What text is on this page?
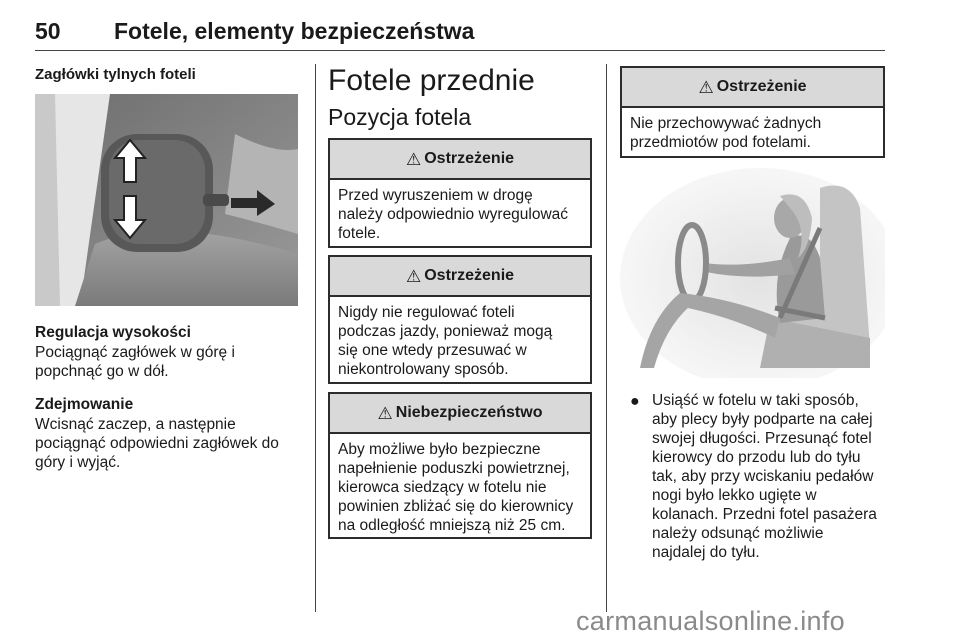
50 Fotele, elementy bezpieczeństwa
Zagłówki tylnych foteli
Regulacja wysokości
Pociągnąć zagłówek w górę i
popchnąć go w dół.
Zdejmowanie
Wcisnąć zaczep, a następnie
pociągnąć odpowiedni zagłówek do
góry i wyjąć.
Fotele przednie
Pozycja fotela
⚠ Ostrzeżenie
Przed wyruszeniem w drogę
należy odpowiednio wyregulować
fotele.
⚠ Ostrzeżenie
Nigdy nie regulować foteli
podczas jazdy, ponieważ mogą
się one wtedy przesuwać w
niekontrolowany sposób.
⚠ Niebezpieczeństwo
Aby możliwe było bezpieczne
napełnienie poduszki powietrznej,
kierowca siedzący w fotelu nie
powinien zbliżać się do kierownicy
na odległość mniejszą niż 25 cm.
⚠ Ostrzeżenie
Nie przechowywać żadnych
przedmiotów pod fotelami.
● Usiąść w fotelu w taki sposób,
aby plecy były podparte na całej
swojej długości. Przesunąć fotel
kierowcy do przodu lub do tyłu
tak, aby przy wciskaniu pedałów
nogi było lekko ugięte w
kolanach. Przedni fotel pasażera
należy odsunąć możliwie
najdalej do tyłu.
carmanualsonline.info
